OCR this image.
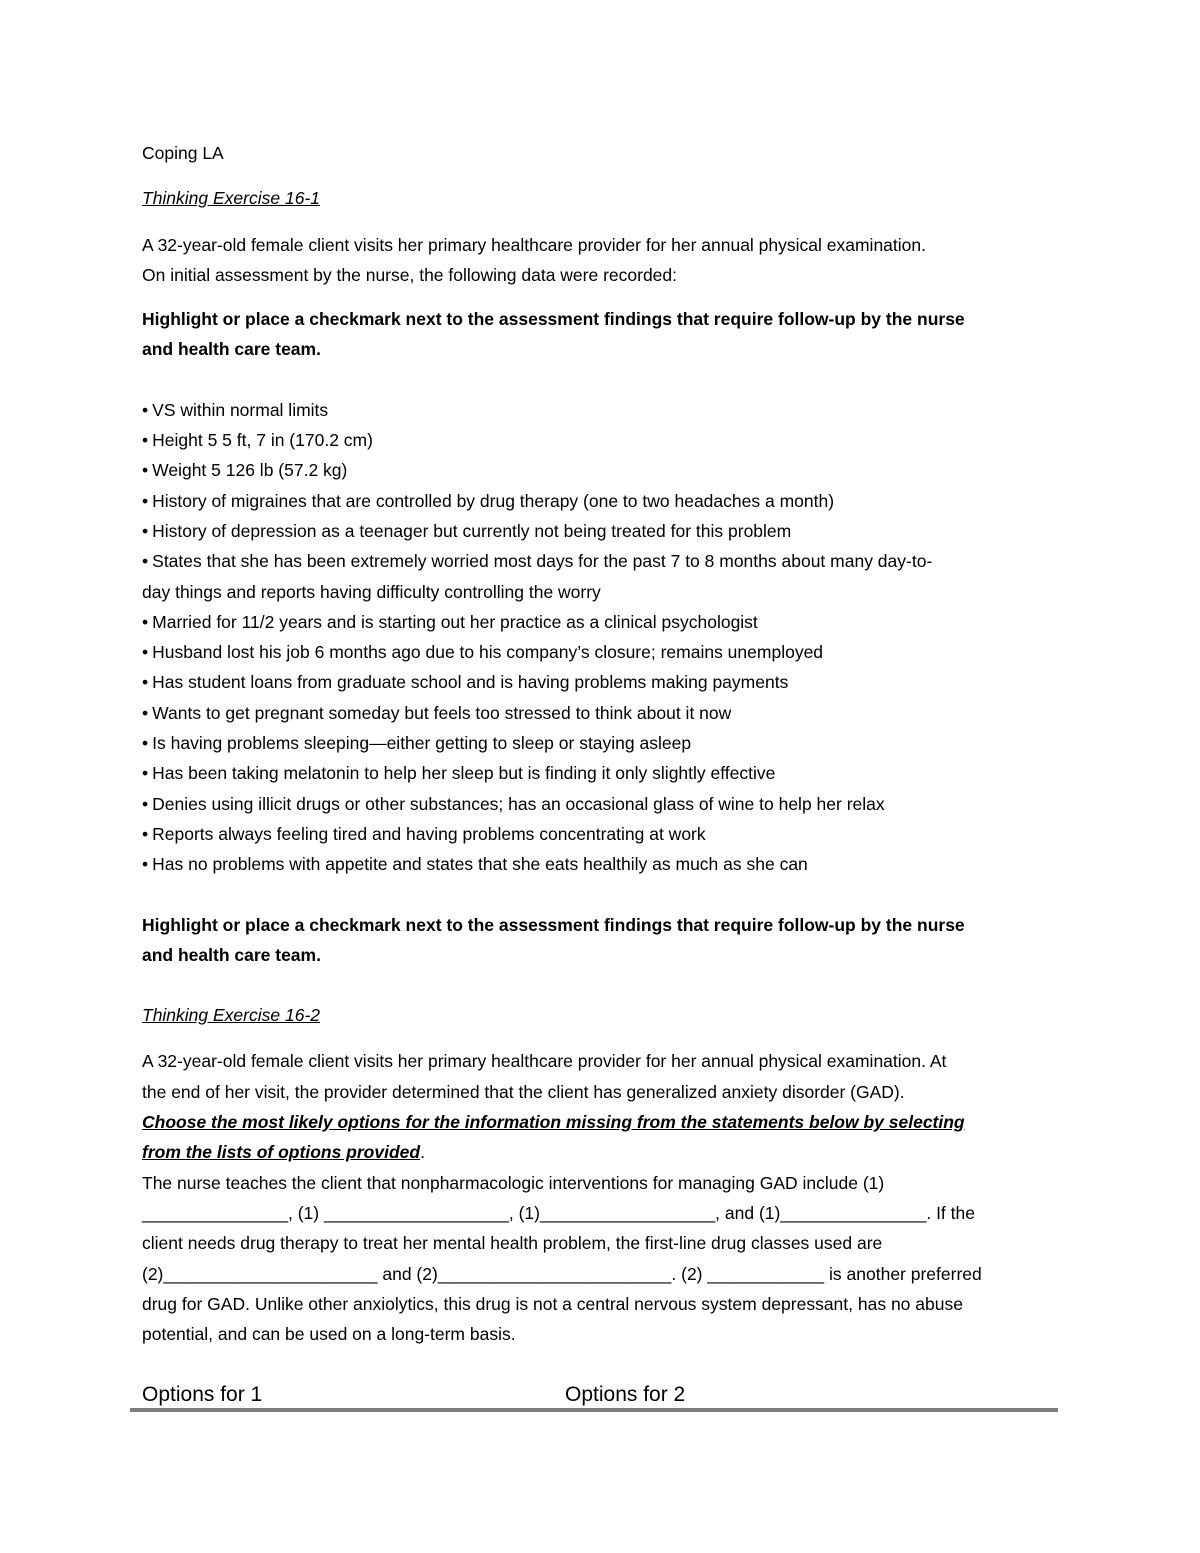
Coping LA

Thinking Exercise 16-1

A 32-year-old female client visits her primary healthcare provider for her annual physical examination.
On initial assessment by the nurse, the following data were recorded:
Highlight or place a checkmark next to the assessment findings that require follow-up by the nurse
and health care team.
• VS within normal limits
• Height 5 5 ft, 7 in (170.2 cm)
• Weight 5 126 lb (57.2 kg)
• History of migraines that are controlled by drug therapy (one to two headaches a month)
• History of depression as a teenager but currently not being treated for this problem
• States that she has been extremely worried most days for the past 7 to 8 months about many day-to-
day things and reports having difficulty controlling the worry
• Married for 11/2 years and is starting out her practice as a clinical psychologist
• Husband lost his job 6 months ago due to his company’s closure; remains unemployed
• Has student loans from graduate school and is having problems making payments
• Wants to get pregnant someday but feels too stressed to think about it now
• Is having problems sleeping—either getting to sleep or staying asleep
• Has been taking melatonin to help her sleep but is finding it only slightly effective
• Denies using illicit drugs or other substances; has an occasional glass of wine to help her relax
• Reports always feeling tired and having problems concentrating at work
• Has no problems with appetite and states that she eats healthily as much as she can
Highlight or place a checkmark next to the assessment findings that require follow-up by the nurse
and health care team.

Thinking Exercise 16-2

A 32-year-old female client visits her primary healthcare provider for her annual physical examination. At
the end of her visit, the provider determined that the client has generalized anxiety disorder (GAD).
Choose the most likely options for the information missing from the statements below by selecting
from the lists of options provided.
The nurse teaches the client that nonpharmacologic interventions for managing GAD include (1)
_______________, (1) ___________________, (1)__________________, and (1)_______________. If the
client needs drug therapy to treat her mental health problem, the first-line drug classes used are
(2)______________________ and (2)________________________. (2) ____________ is another preferred
drug for GAD. Unlike other anxiolytics, this drug is not a central nervous system depressant, has no abuse
potential, and can be used on a long-term basis.
Options for 1	Options for 2
